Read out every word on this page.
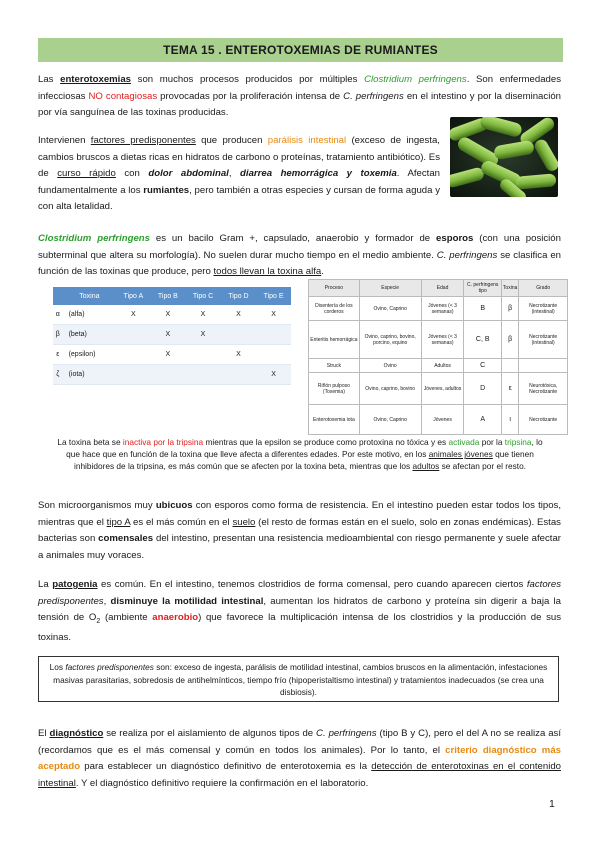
TEMA 15 . ENTEROTOXEMIAS DE RUMIANTES
Las enterotoxemias son muchos procesos producidos por múltiples Clostridium perfringens. Son enfermedades infecciosas NO contagiosas provocadas por la proliferación intensa de C. perfringens en el intestino y por la diseminación por vía sanguínea de las toxinas producidas.
Intervienen factores predisponentes que producen parálisis intestinal (exceso de ingesta, cambios bruscos a dietas ricas en hidratos de carbono o proteínas, tratamiento antibiótico). Es de curso rápido con dolor abdominal, diarrea hemorrágica y toxemia. Afectan fundamentalmente a los rumiantes, pero también a otras especies y cursan de forma aguda y con alta letalidad.
Clostridium perfringens es un bacilo Gram +, capsulado, anaerobio y formador de esporos (con una posición subterminal que altera su morfología). No suelen durar mucho tiempo en el medio ambiente. C. perfringens se clasifica en función de las toxinas que produce, pero todos llevan la toxina alfa.
	Toxina	Tipo A	Tipo B	Tipo C	Tipo D	Tipo E
α	(alfa)	X	X	X	X	X
β	(beta)		X	X		
ε	(epsilon)		X		X	
ζ	(iota)					X
Proceso	Especie	Edad	C. perfringens tipo	Toxina	Grado
Disentería de los corderos	Ovino, Caprino	Jóvenes (< 3 semanas)	B	β	Necrotizante (intestinal)
Enteritis hemorrágica	Ovino, caprino, bovino, porcino, equino	Jóvenes (< 3 semanas)	C, B	β	Necrotizante (intestinal)
Struck	Ovino	Adultos	C		
Riñón pulposo (Toxemia)	Ovino, caprino, bovino	Jóvenes, adultos	D	ε	Neurotóxica, Necrotizante
Enterotoxemia iota	Ovino, Caprino	Jóvenes	A	ι	Necrotizante
La toxina beta se inactiva por la tripsina mientras que la epsilon se produce como protoxina no tóxica y es activada por la tripsina, lo que hace que en función de la toxina que lleve afecta a diferentes edades. Por este motivo, en los animales jóvenes que tienen inhibidores de la tripsina, es más común que se afecten por la toxina beta, mientras que los adultos se afectan por el resto.
Son microorganismos muy ubicuos con esporos como forma de resistencia. En el intestino pueden estar todos los tipos, mientras que el tipo A es el más común en el suelo (el resto de formas están en el suelo, solo en zonas endémicas). Estas bacterias son comensales del intestino, presentan una resistencia medioambiental con riesgo permanente y suele afectar a animales muy voraces.
La patogenia es común. En el intestino, tenemos clostridios de forma comensal, pero cuando aparecen ciertos factores predisponentes, disminuye la motilidad intestinal, aumentan los hidratos de carbono y proteína sin digerir a baja la tensión de $O_2$ (ambiente anaerobio) que favorece la multiplicación intensa de los clostridios y la producción de sus toxinas.
Los factores predisponentes son: exceso de ingesta, parálisis de motilidad intestinal, cambios bruscos en la alimentación, infestaciones masivas parasitarias, sobredosis de antihelmínticos, tiempo frío (hipoperistaltismo intestinal) y tratamientos inadecuados (se crea una disbiosis).
El diagnóstico se realiza por el aislamiento de algunos tipos de C. perfringens (tipo B y C), pero el del A no se realiza así (recordamos que es el más comensal y común en todos los animales). Por lo tanto, el criterio diagnóstico más aceptado para establecer un diagnóstico definitivo de enterotoxemia es la detección de enterotoxinas en el contenido intestinal. Y el diagnóstico definitivo requiere la confirmación en el laboratorio.
1
